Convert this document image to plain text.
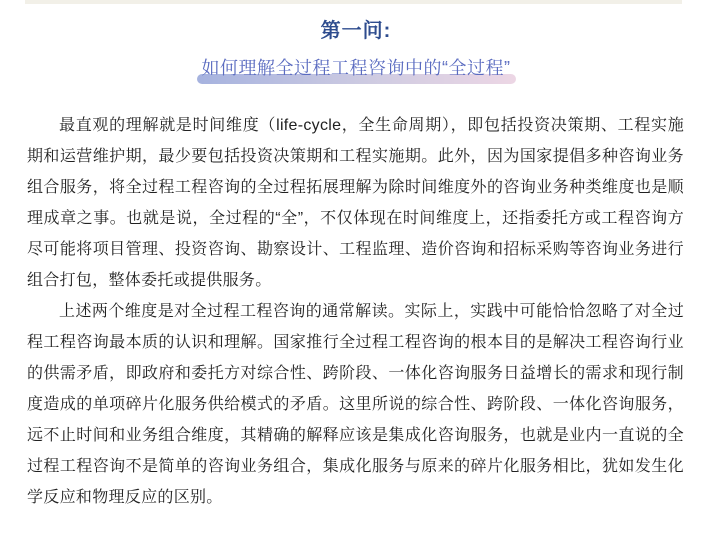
第一问:
如何理解全过程工程咨询中的“全过程”

最直观的理解就是时间维度（life-cycle，全生命周期），即包括投资决策期、工程实施期和运营维护期，最少要包括投资决策期和工程实施期。此外，因为国家提倡多种咨询业务组合服务，将全过程工程咨询的全过程拓展理解为除时间维度外的咨询业务种类维度也是顺理成章之事。也就是说，全过程的“全”，不仅体现在时间维度上，还指委托方或工程咨询方尽可能将项目管理、投资咨询、勘察设计、工程监理、造价咨询和招标采购等咨询业务进行组合打包，整体委托或提供服务。

上述两个维度是对全过程工程咨询的通常解读。实际上，实践中可能恰恰忽略了对全过程工程咨询最本质的认识和理解。国家推行全过程工程咨询的根本目的是解决工程咨询行业的供需矛盾，即政府和委托方对综合性、跨阶段、一体化咨询服务日益增长的需求和现行制度造成的单项碎片化服务供给模式的矛盾。这里所说的综合性、跨阶段、一体化咨询服务，远不止时间和业务组合维度，其精确的解释应该是集成化咨询服务，也就是业内一直说的全过程工程咨询不是简单的咨询业务组合，集成化服务与原来的碎片化服务相比，犹如发生化学反应和物理反应的区别。
